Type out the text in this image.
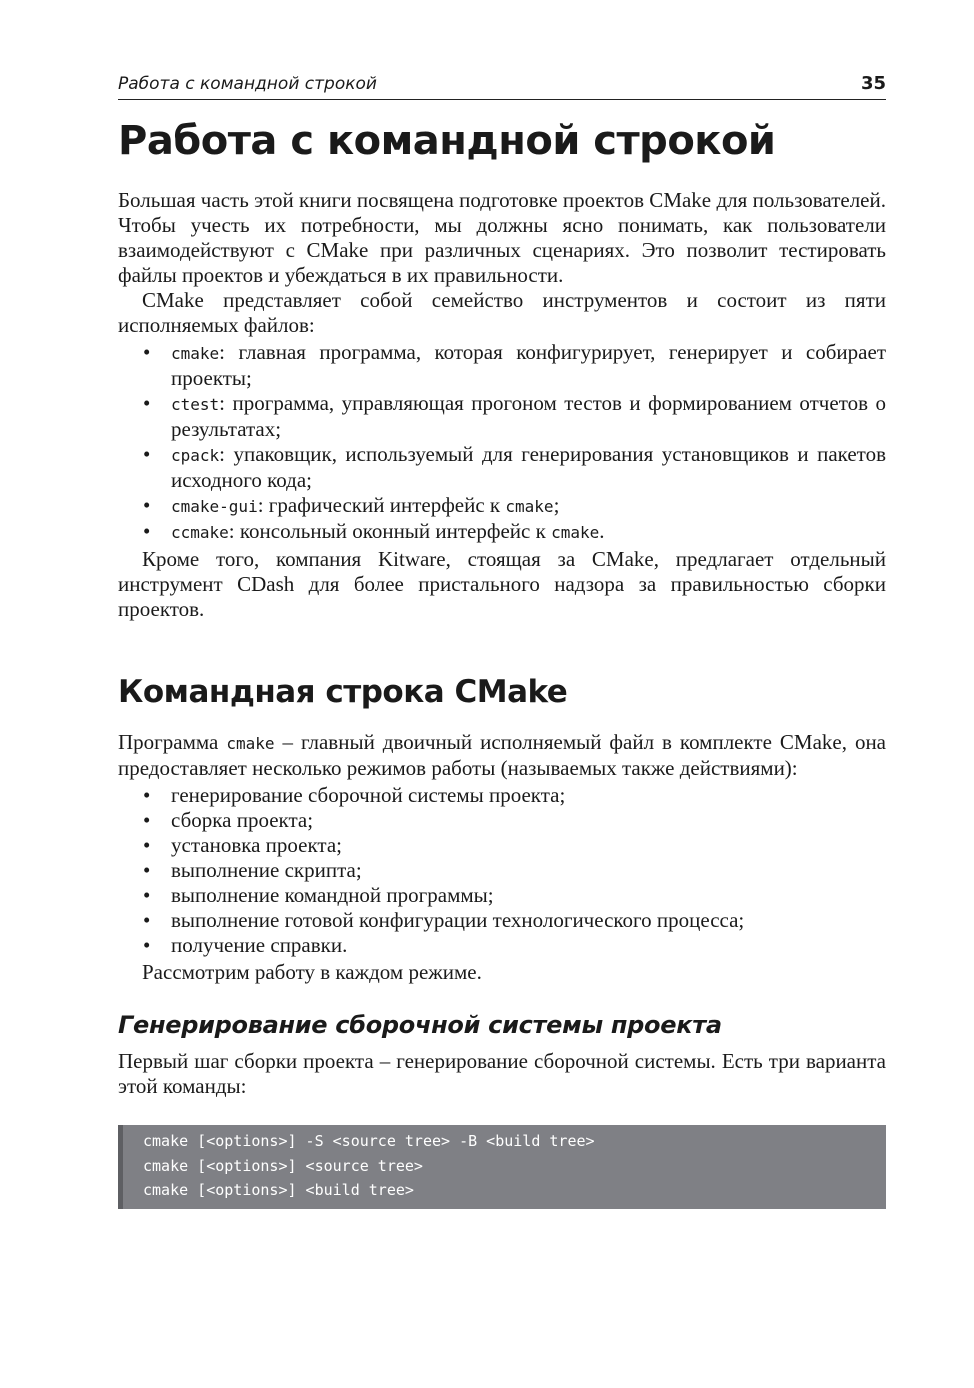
Работа с командной строкой	35
Работа с командной строкой

Большая часть этой книги посвящена подготовке проектов CMake для пользователей. Чтобы учесть их потребности, мы должны ясно понимать, как пользователи взаимодействуют с CMake при различных сценариях. Это позволит тестировать файлы проектов и убеждаться в их правильности.

CMake представляет собой семейство инструментов и состоит из пяти исполняемых файлов:

• cmake: главная программа, которая конфигурирует, генерирует и собирает проекты;
• ctest: программа, управляющая прогоном тестов и формированием отчетов о результатах;
• cpack: упаковщик, используемый для генерирования установщиков и пакетов исходного кода;
• cmake-gui: графический интерфейс к cmake;
• ccmake: консольный оконный интерфейс к cmake.

Кроме того, компания Kitware, стоящая за CMake, предлагает отдельный инструмент CDash для более пристального надзора за правильностью сборки проектов.

Командная строка CMake

Программа cmake – главный двоичный исполняемый файл в комплекте CMake, она предоставляет несколько режимов работы (называемых также действиями):

• генерирование сборочной системы проекта;
• сборка проекта;
• установка проекта;
• выполнение скрипта;
• выполнение командной программы;
• выполнение готовой конфигурации технологического процесса;
• получение справки.

Рассмотрим работу в каждом режиме.

Генерирование сборочной системы проекта

Первый шаг сборки проекта – генерирование сборочной системы. Есть три варианта этой команды:

cmake [<options>] -S <source tree> -B <build tree>
cmake [<options>] <source tree>
cmake [<options>] <build tree>
